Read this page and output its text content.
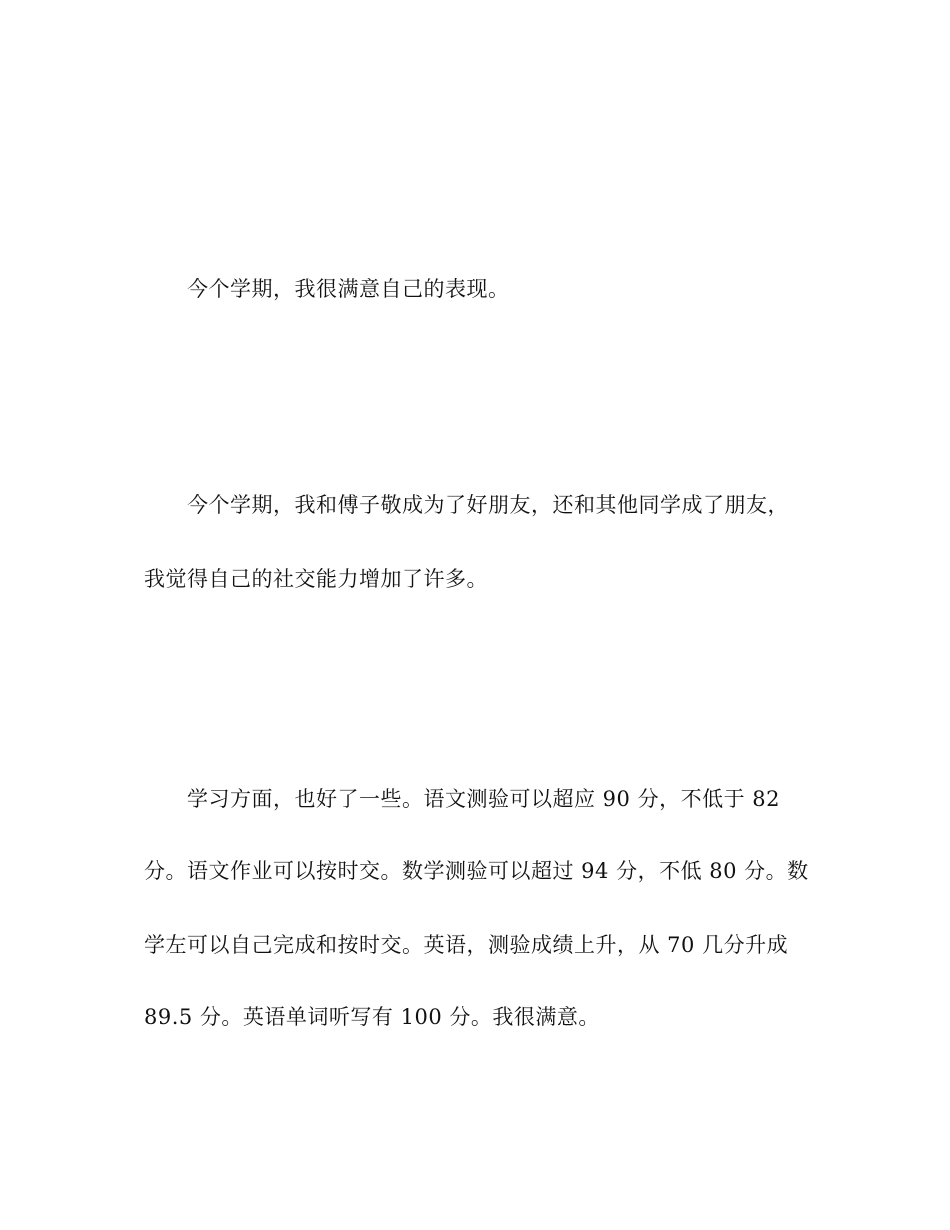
今个学期，我很满意自己的表现。

今个学期，我和傅子敬成为了好朋友，还和其他同学成了朋友，

我觉得自己的社交能力增加了许多。

学习方面，也好了一些。语文测验可以超应 90 分，不低于 82

分。语文作业可以按时交。数学测验可以超过 94 分，不低 80 分。数

学左可以自己完成和按时交。英语，测验成绩上升，从 70 几分升成

89.5 分。英语单词听写有 100 分。我很满意。
